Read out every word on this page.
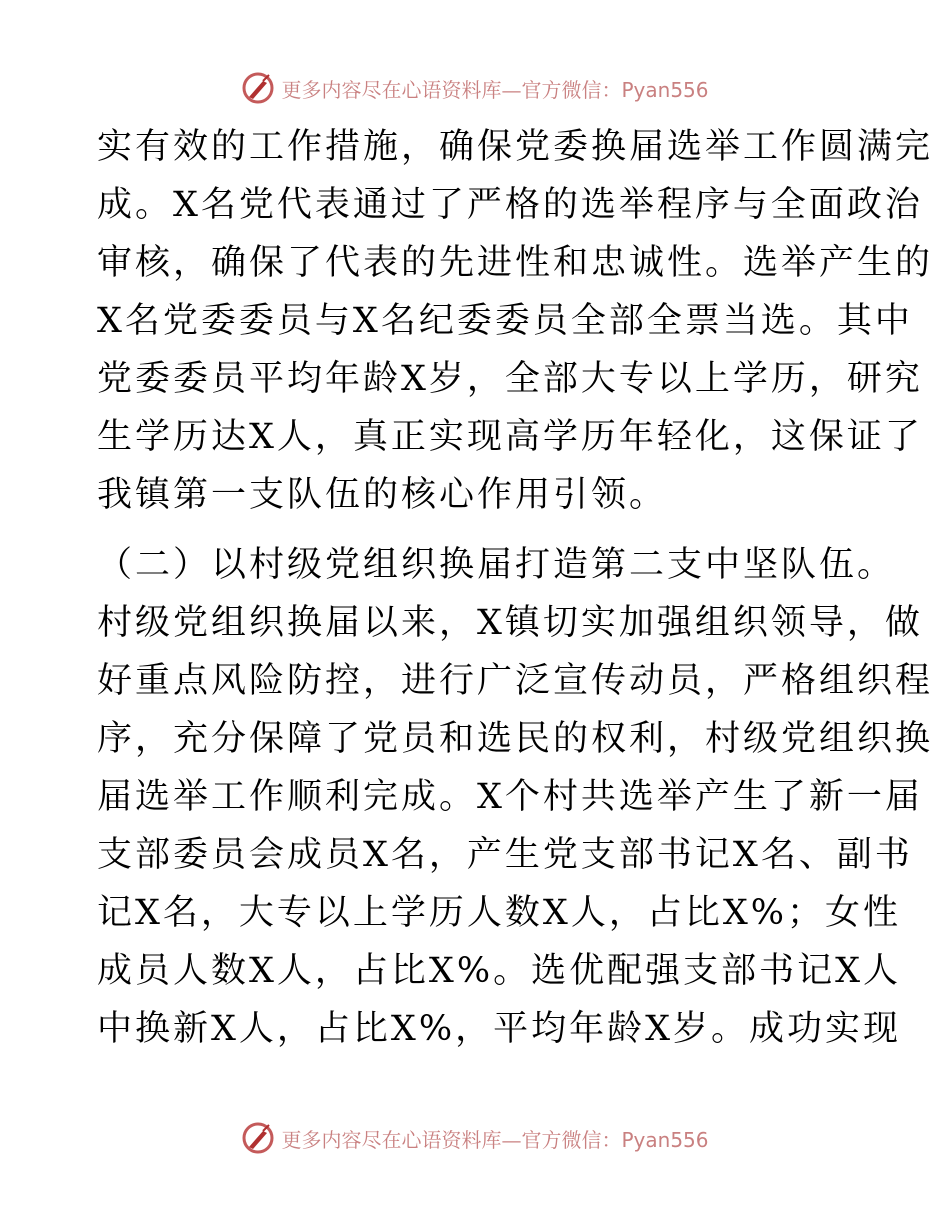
更多内容尽在心语资料库—官方微信：Pyan556
实有效的工作措施，确保党委换届选举工作圆满完
成。X名党代表通过了严格的选举程序与全面政治
审核，确保了代表的先进性和忠诚性。选举产生的
X名党委委员与X名纪委委员全部全票当选。其中
党委委员平均年龄X岁，全部大专以上学历，研究
生学历达X人，真正实现高学历年轻化，这保证了
我镇第一支队伍的核心作用引领。
（二）以村级党组织换届打造第二支中坚队伍。
村级党组织换届以来，X镇切实加强组织领导，做
好重点风险防控，进行广泛宣传动员，严格组织程
序，充分保障了党员和选民的权利，村级党组织换
届选举工作顺利完成。X个村共选举产生了新一届
支部委员会成员X名，产生党支部书记X名、副书
记X名，大专以上学历人数X人，占比X%；女性
成员人数X人，占比X%。选优配强支部书记X人
中换新X人，占比X%，平均年龄X岁。成功实现
更多内容尽在心语资料库—官方微信：Pyan556
